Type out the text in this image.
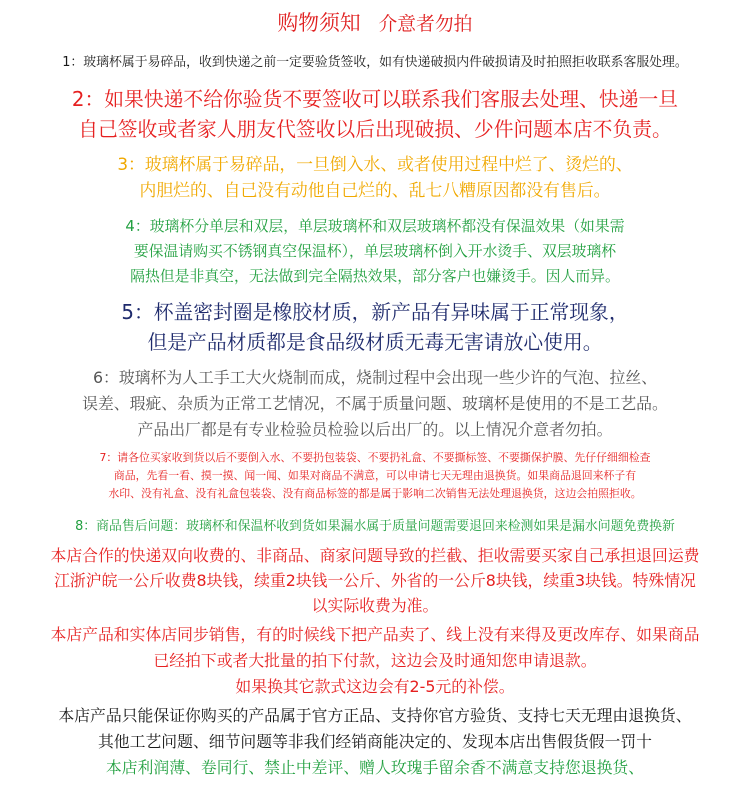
购物须知 介意者勿拍
1：玻璃杯属于易碎品，收到快递之前一定要验货签收，如有快递破损内件破损请及时拍照拒收联系客服处理。
2：如果快递不给你验货不要签收可以联系我们客服去处理、快递一旦
自己签收或者家人朋友代签收以后出现破损、少件问题本店不负责。
3：玻璃杯属于易碎品，一旦倒入水、或者使用过程中烂了、烫烂的、
内胆烂的、自己没有动他自己烂的、乱七八糟原因都没有售后。
4：玻璃杯分单层和双层，单层玻璃杯和双层玻璃杯都没有保温效果（如果需
要保温请购买不锈钢真空保温杯），单层玻璃杯倒入开水烫手、双层玻璃杯
隔热但是非真空，无法做到完全隔热效果，部分客户也嫌烫手。因人而异。
5：杯盖密封圈是橡胶材质，新产品有异味属于正常现象，
但是产品材质都是食品级材质无毒无害请放心使用。
6：玻璃杯为人工手工大火烧制而成，烧制过程中会出现一些少许的气泡、拉丝、
误差、瑕疵、杂质为正常工艺情况，不属于质量问题、玻璃杯是使用的不是工艺品。
产品出厂都是有专业检验员检验以后出厂的。以上情况介意者勿拍。
7：请各位买家收到货以后不要倒入水、不要扔包装袋、不要扔礼盒、不要撕标签、不要撕保护膜、先仔仔细细检查
商品，先看一看、摸一摸、闻一闻、如果对商品不满意，可以申请七天无理由退换货。如果商品退回来杯子有
水印、没有礼盒、没有礼盒包装袋、没有商品标签的都是属于影响二次销售无法处理退换货，这边会拍照拒收。
8：商品售后问题：玻璃杯和保温杯收到货如果漏水属于质量问题需要退回来检测如果是漏水问题免费换新
本店合作的快递双向收费的、非商品、商家问题导致的拦截、拒收需要买家自己承担退回运费
江浙沪皖一公斤收费8块钱，续重2块钱一公斤、外省的一公斤8块钱，续重3块钱。特殊情况
以实际收费为准。
本店产品和实体店同步销售，有的时候线下把产品卖了、线上没有来得及更改库存、如果商品
已经拍下或者大批量的拍下付款，这边会及时通知您申请退款。
如果换其它款式这边会有2-5元的补偿。
本店产品只能保证你购买的产品属于官方正品、支持你官方验货、支持七天无理由退换货、
其他工艺问题、细节问题等非我们经销商能决定的、发现本店出售假货假一罚十
本店利润薄、卷同行、禁止中差评、赠人玫瑰手留余香不满意支持您退换货、
